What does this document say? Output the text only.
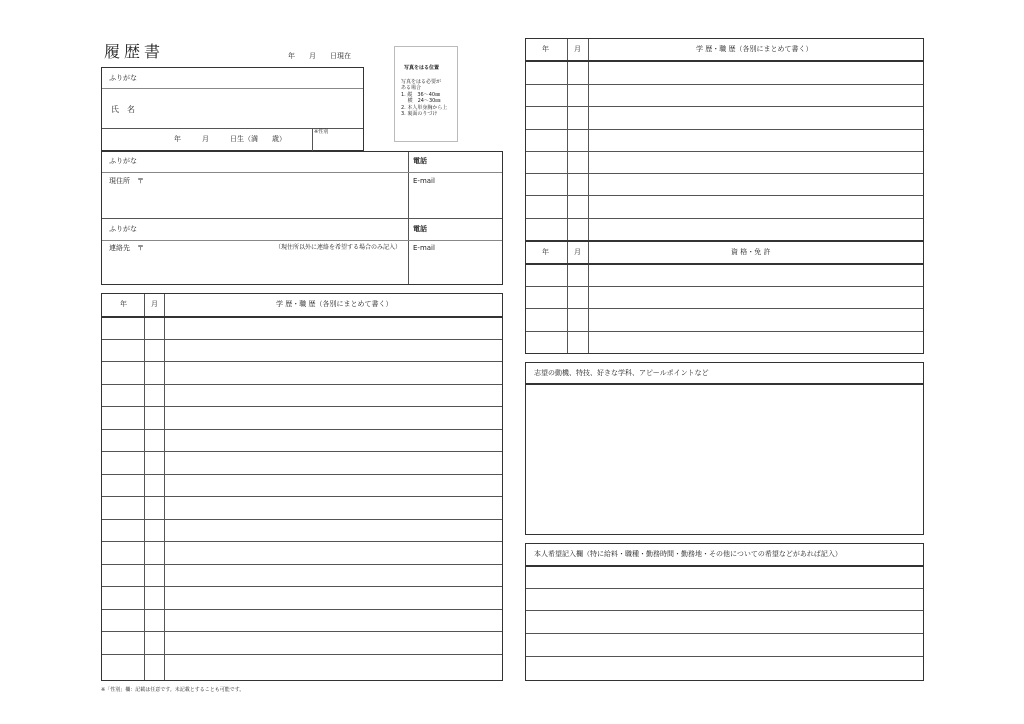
履歴書	年　　月　　日現在
写真をはる位置
写真をはる必要が
ある場合
1. 縦　36〜40㎜
　 横　24〜30㎜
2. 本人単身胸から上
3. 裏面のりづけ
ふりがな
氏　名
年　　　月　　　日生（満　　歳）
※性別
ふりがな	電話
現住所　〒	E-mail
ふりがな	電話
連絡先　〒	（現住所以外に連絡を希望する場合のみ記入） E-mail
年	月	学 歴・職 歴（各別にまとめて書く）
※「性別」欄：記載は任意です。未記載とすることも可能です。
年	月	学 歴・職 歴（各別にまとめて書く）
年	月	資 格・免 許
志望の動機、特技、好きな学科、アピールポイントなど
本人希望記入欄（特に給料・職種・勤務時間・勤務地・その他についての希望などがあれば記入）
